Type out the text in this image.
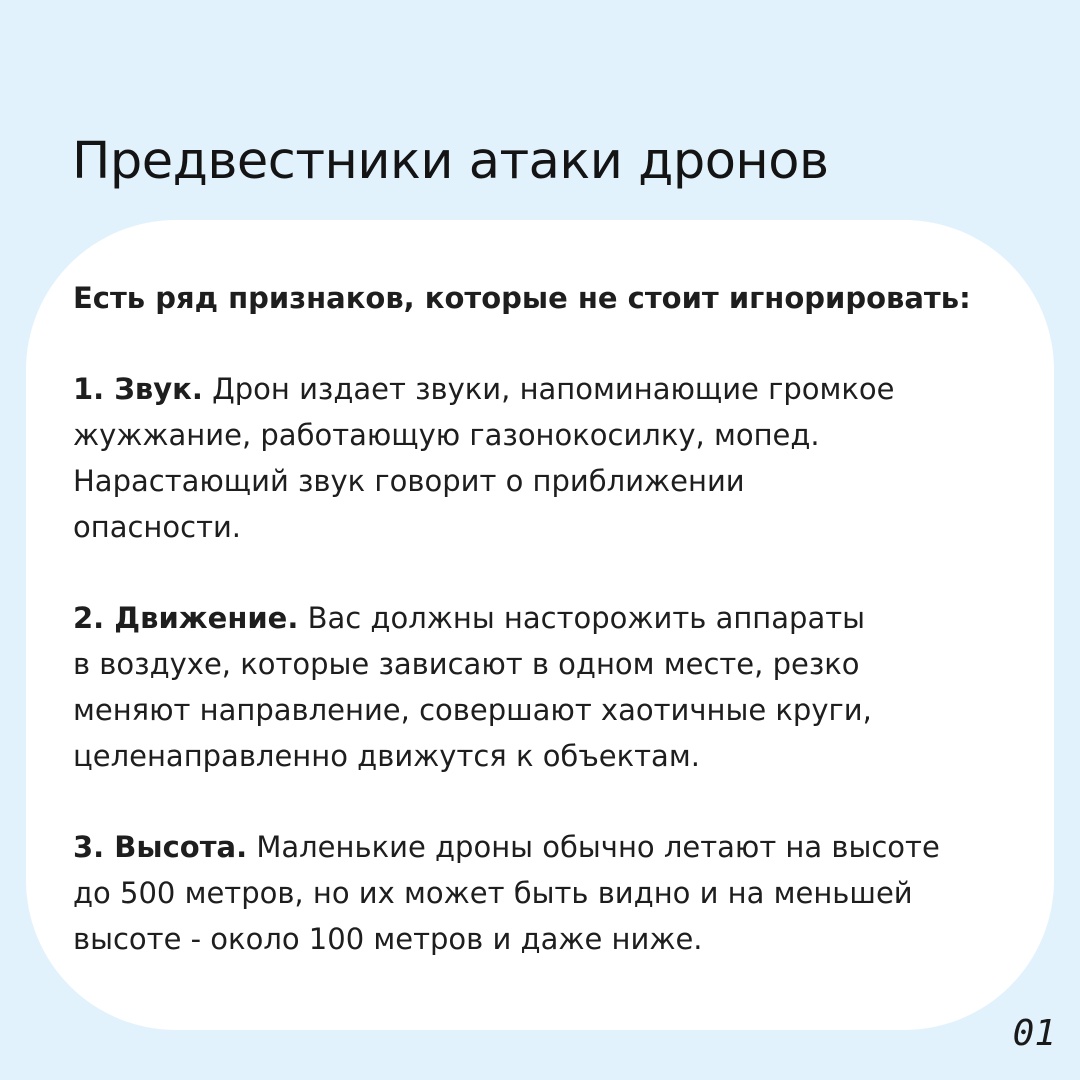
Предвестники атаки дронов
Есть ряд признаков, которые не стоит игнорировать:
1. Звук. Дрон издает звуки, напоминающие громкое
жужжание, работающую газонокосилку, мопед.
Нарастающий звук говорит о приближении
опасности.
2. Движение. Вас должны насторожить аппараты
в воздухе, которые зависают в одном месте, резко
меняют направление, совершают хаотичные круги,
целенаправленно движутся к объектам.
3. Высота. Маленькие дроны обычно летают на высоте
до 500 метров, но их может быть видно и на меньшей
высоте - около 100 метров и даже ниже.
01
